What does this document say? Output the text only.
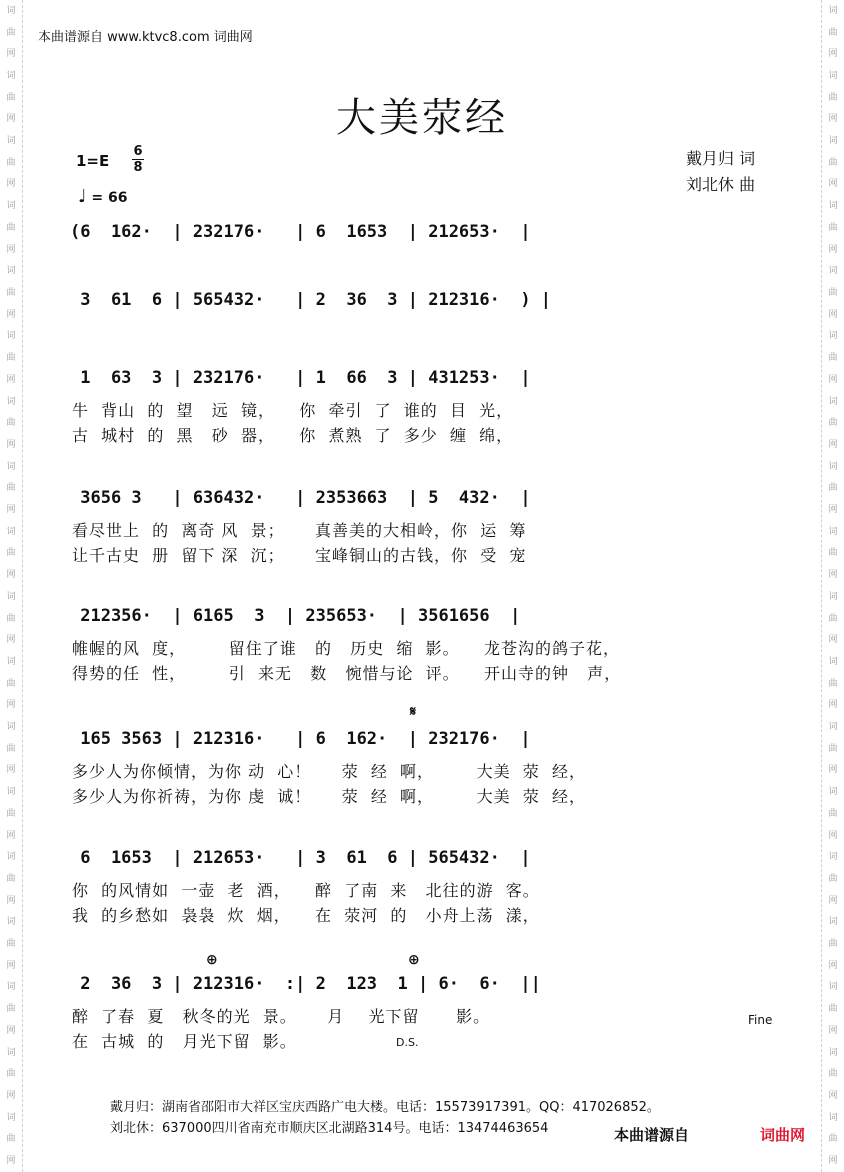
词
曲
网
词
曲
网
词
曲
网
词
曲
网
词
曲
网
词
曲
网
词
曲
网
词
曲
网
词
曲
网
词
曲
网
词
曲
网
词
曲
网
词
曲
网
词
曲
网
词
曲
网
词
曲
网
词
曲
网
词
曲
网
词
曲
网
词
曲
网
词
曲
网
词
曲
网
词
曲
网
词
曲
网
词
曲
网
词
曲
网
词
曲
网
词
曲
网
词
曲
网
词
曲
网
词
曲
网
词
曲
网
词
曲
网
词
曲
网
词
曲
网
词
曲
网
本曲谱源自 www.ktvc8.com 词曲网
大美荥经
1=E
6
8
♩ = 66
戴月归 词
刘北休 曲
(6  162·  | 232176·   | 6  1653  | 212653·  |
3  61  6 | 565432·   | 2  36  3 | 212316·  ) |
1  63  3 | 232176·   | 1  66  3 | 431253·  |
牛  背山  的  望   远  镜，    你  牵引  了  谁的  目  光，
古  城村  的  黑   砂  器，    你  煮熟  了  多少  缠  绵，
3656 3   | 636432·   | 2353663  | 5  432·  |
看尽世上  的  离奇 风  景；     真善美的大相岭，你  运  筹
让千古史  册  留下 深  沉；     宝峰铜山的古钱，你  受  宠
212356·  | 6165  3  | 235653·  | 3561656  |
帷幄的风  度，       留住了谁   的   历史  缩  影。    龙苍沟的鸽子花，
得势的任  性，       引  来无   数   惋惜与论  评。    开山寺的钟   声，
165 3563 | 212316·   | 6  162·  | 232176·  |
多少人为你倾情，为你 动  心！     荥  经  啊，       大美  荥  经，
多少人为你祈祷，为你 虔  诚！     荥  经  啊，       大美  荥  经，
6  1653  | 212653·   | 3  61  6 | 565432·  |
你  的风情如  一壶  老  酒，    醉  了南  来   北往的游  客。
我  的乡愁如  袅袅  炊  烟，    在  荥河  的   小舟上荡  漾，
2  36  3 | 212316·  :| 2  123  1 | 6·  6·  ||
醉  了春  夏   秋冬的光  景。     月    光下留      影。
在  古城  的   月光下留  影。
𝄋
⊕	⊕
Fine
D.S.
戴月归：湖南省邵阳市大祥区宝庆西路广电大楼。电话：15573917391。QQ：417026852。
刘北休：637000四川省南充市顺庆区北湖路314号。电话：13474463654	本曲谱源自	词曲网
